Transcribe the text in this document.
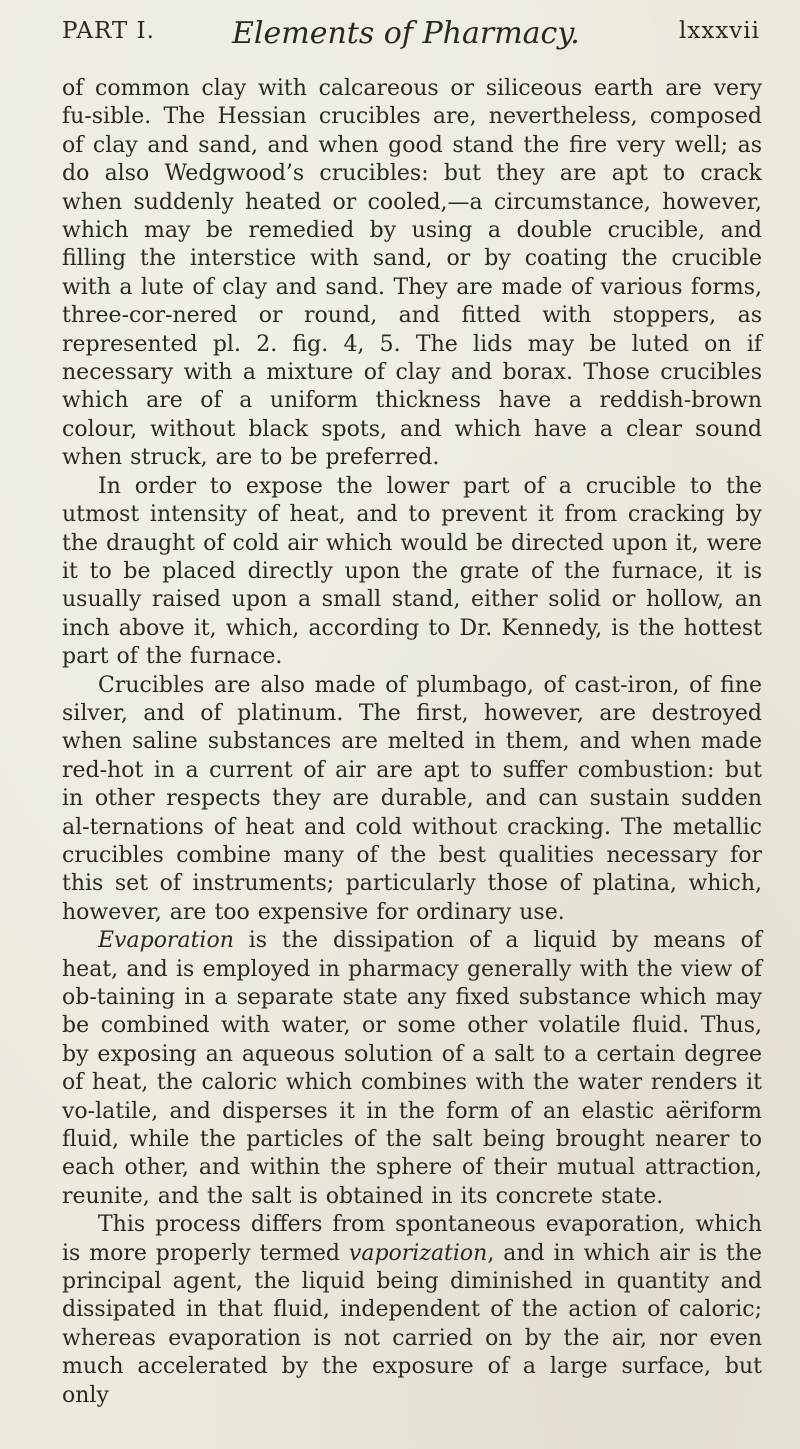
PART I.	Elements of Pharmacy.	lxxxvii

of common clay with calcareous or siliceous earth are very fu-sible. The Hessian crucibles are, nevertheless, composed of clay and sand, and when good stand the fire very well; as do also Wedgwood’s crucibles: but they are apt to crack when suddenly heated or cooled,—a circumstance, however, which may be remedied by using a double crucible, and filling the interstice with sand, or by coating the crucible with a lute of clay and sand. They are made of various forms, three-cor-nered or round, and fitted with stoppers, as represented pl. 2. fig. 4, 5. The lids may be luted on if necessary with a mixture of clay and borax. Those crucibles which are of a uniform thickness have a reddish-brown colour, without black spots, and which have a clear sound when struck, are to be preferred.

In order to expose the lower part of a crucible to the utmost intensity of heat, and to prevent it from cracking by the draught of cold air which would be directed upon it, were it to be placed directly upon the grate of the furnace, it is usually raised upon a small stand, either solid or hollow, an inch above it, which, according to Dr. Kennedy, is the hottest part of the furnace.

Crucibles are also made of plumbago, of cast-iron, of fine silver, and of platinum. The first, however, are destroyed when saline substances are melted in them, and when made red-hot in a current of air are apt to suffer combustion: but in other respects they are durable, and can sustain sudden al-ternations of heat and cold without cracking. The metallic crucibles combine many of the best qualities necessary for this set of instruments; particularly those of platina, which, however, are too expensive for ordinary use.

Evaporation is the dissipation of a liquid by means of heat, and is employed in pharmacy generally with the view of ob-taining in a separate state any fixed substance which may be combined with water, or some other volatile fluid. Thus, by exposing an aqueous solution of a salt to a certain degree of heat, the caloric which combines with the water renders it vo-latile, and disperses it in the form of an elastic aëriform fluid, while the particles of the salt being brought nearer to each other, and within the sphere of their mutual attraction, reunite, and the salt is obtained in its concrete state.

This process differs from spontaneous evaporation, which is more properly termed vaporization, and in which air is the principal agent, the liquid being diminished in quantity and dissipated in that fluid, independent of the action of caloric; whereas evaporation is not carried on by the air, nor even much accelerated by the exposure of a large surface, but only
